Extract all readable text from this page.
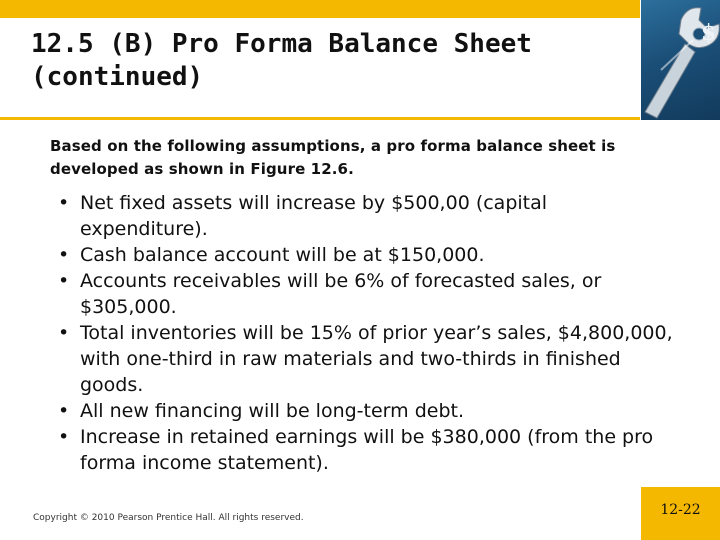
12.5 (B) Pro Forma Balance Sheet
(continued)
$

Based on the following assumptions, a pro forma balance sheet is developed as shown in Figure 12.6.

• Net fixed assets will increase by $500,00 (capital expenditure).
• Cash balance account will be at $150,000.
• Accounts receivables will be 6% of forecasted sales, or $305,000.
• Total inventories will be 15% of prior year’s sales, $4,800,000, with one-third in raw materials and two-thirds in finished goods.
• All new financing will be long-term debt.
• Increase in retained earnings will be $380,000 (from the pro forma income statement).

Copyright © 2010 Pearson Prentice Hall. All rights reserved.	12-22
